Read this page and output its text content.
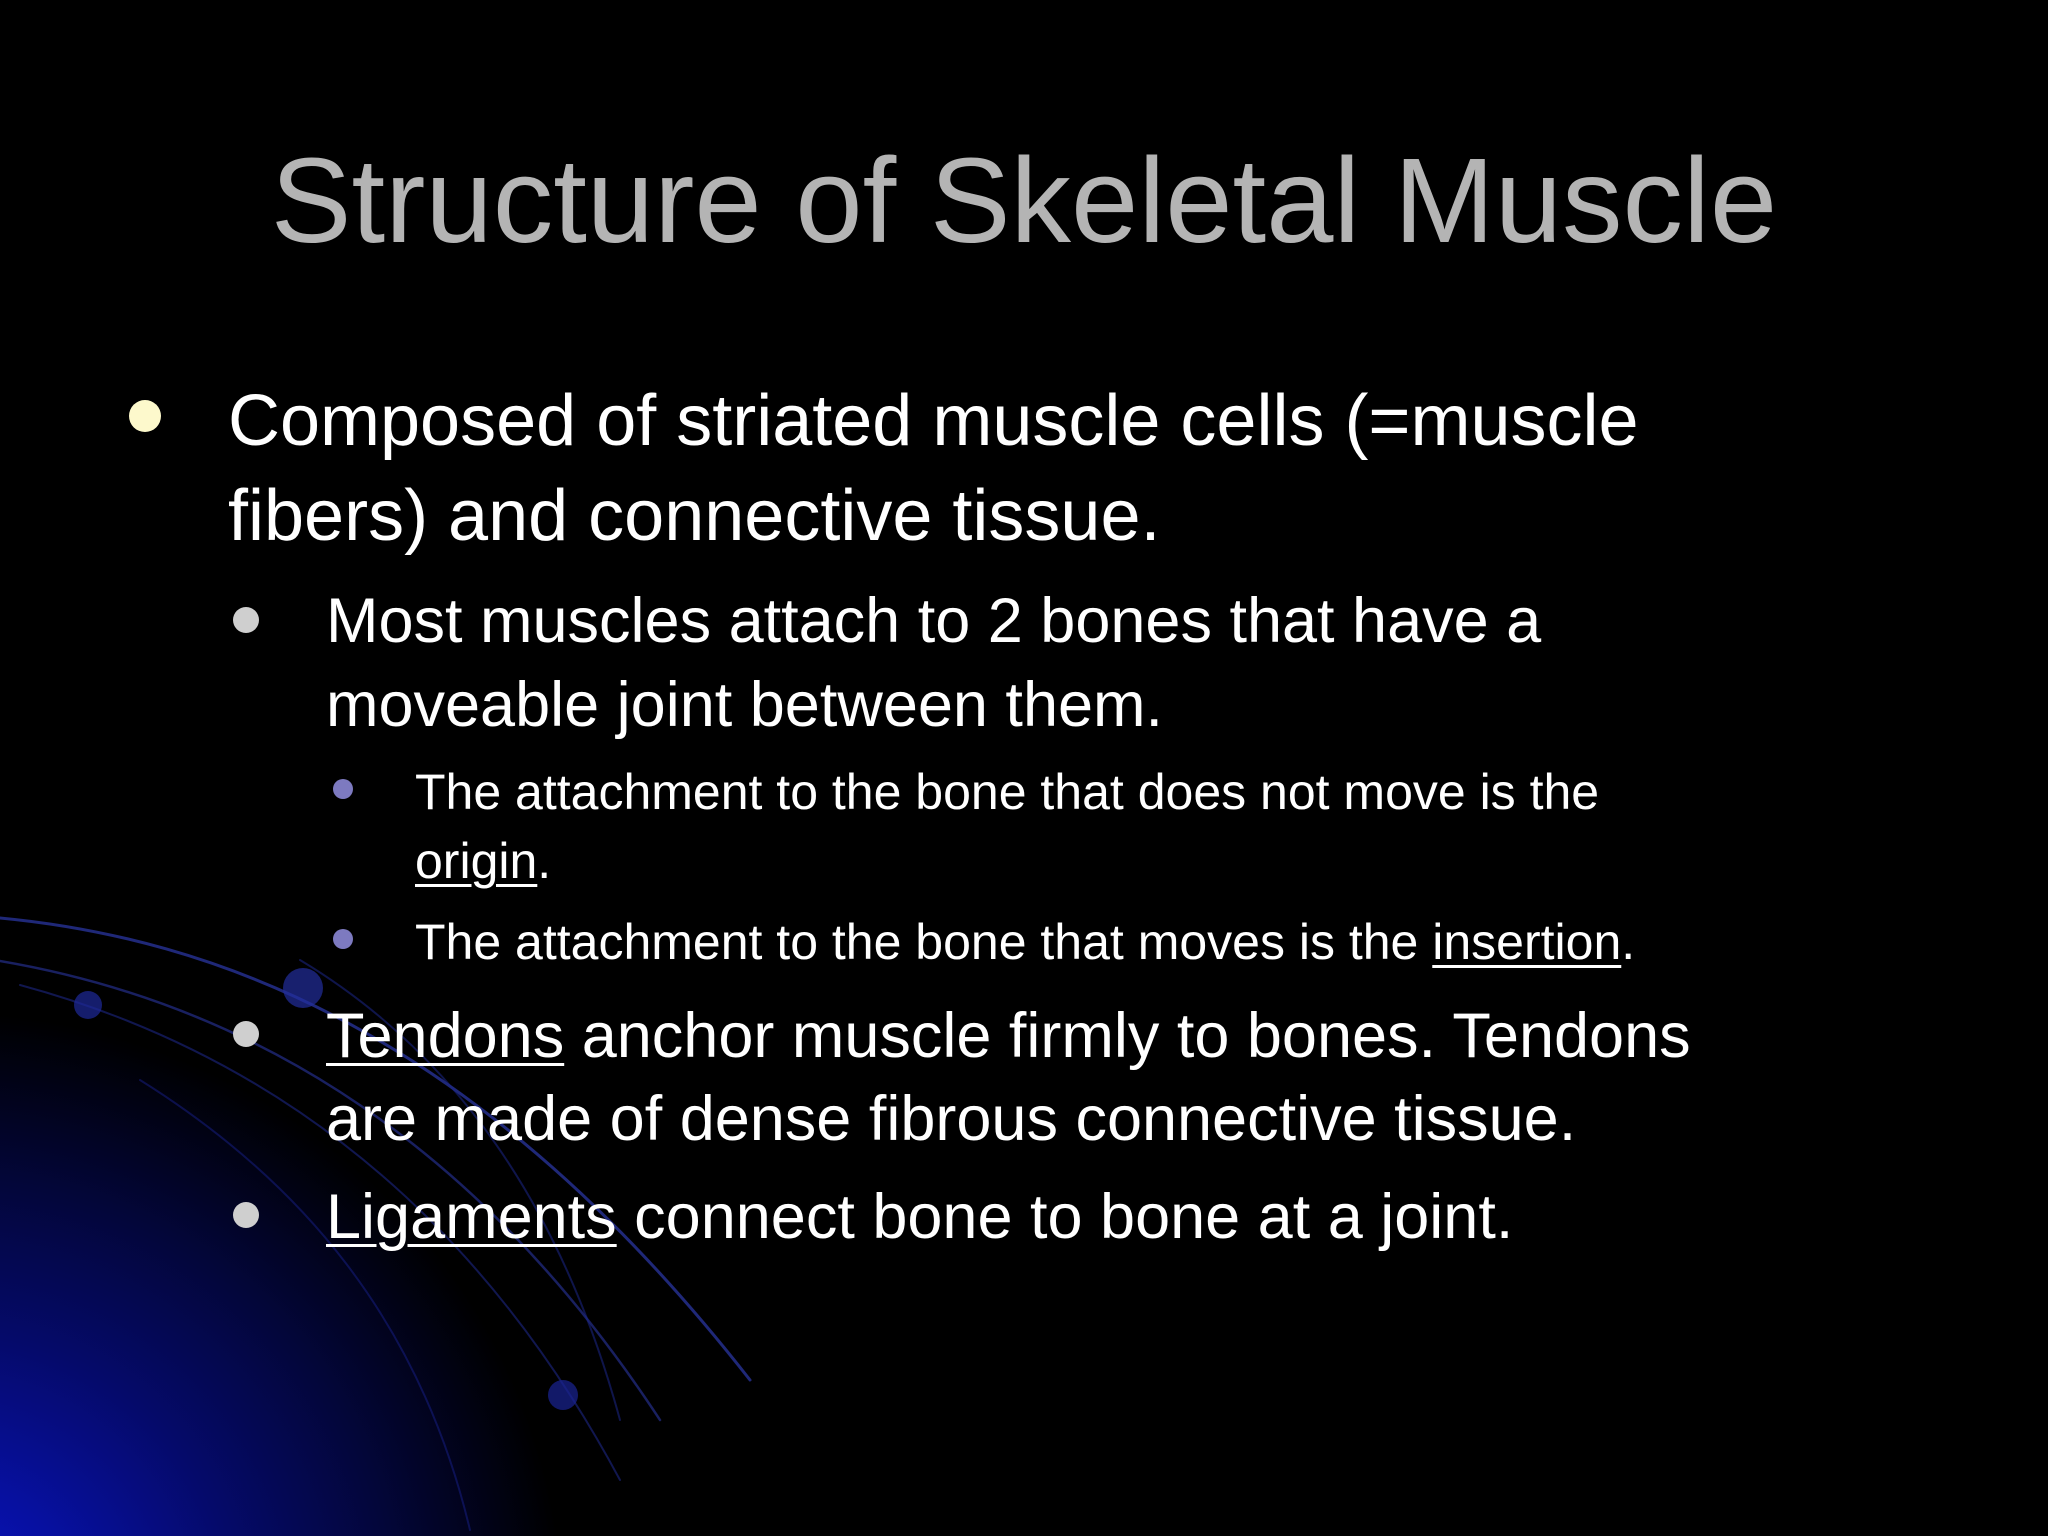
Structure of Skeletal Muscle
Composed of striated muscle cells (=muscle
fibers) and connective tissue.
Most muscles attach to 2 bones that have a
moveable joint between them.
The attachment to the bone that does not move is the
origin.
The attachment to the bone that moves is the insertion.
Tendons anchor muscle firmly to bones. Tendons
are made of dense fibrous connective tissue.
Ligaments connect bone to bone at a joint.
